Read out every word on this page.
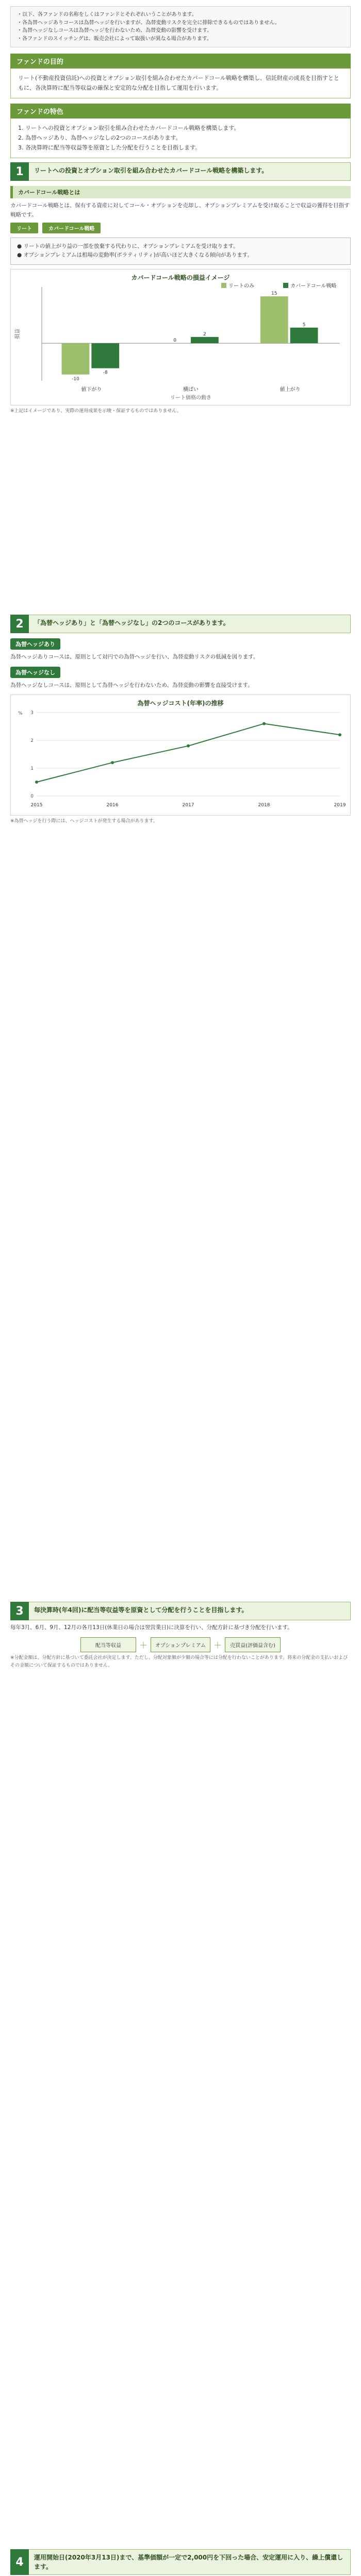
・以下、各ファンドの名称をしくはファンドとそれぞれいうことがあります。

・各為替ヘッジありコースは為替ヘッジを行いますが、為替変動リスクを完全に排除できるものではありません。

・為替ヘッジなしコースは為替ヘッジを行わないため、為替変動の影響を受けます。

・各ファンドのスイッチングは、販売会社によって取扱いが異なる場合があります。

ファンドの目的
リート(不動産投資信託)への投資とオプション取引を組み合わせたカバードコール戦略を構築し、信託財産の成長を目指すとともに、各決算時に配当等収益の確保と安定的な分配を目指して運用を行います。
ファンドの特色
1. リートへの投資とオプション取引を組み合わせたカバードコール戦略を構築します。
2. 為替ヘッジあり、為替ヘッジなしの2つのコースがあります。
3. 各決算時に配当等収益等を原資とした分配を行うことを目指します。
1	リートへの投資とオプション取引を組み合わせたカバードコール戦略を構築します。
カバードコール戦略とは
カバードコール戦略とは、保有する資産に対してコール・オプションを売却し、オプションプレミアムを受け取ることで収益の獲得を目指す戦略です。
リート	カバードコール戦略
● リートの値上がり益の一部を放棄する代わりに、オプションプレミアムを受け取ります。
● オプションプレミアムは相場の変動率(ボラティリティ)が高いほど大きくなる傾向があります。
カバードコール戦略の損益イメージ
-10
-8
値下がり
0
2
横ばい
15
5
値上がり
リート価格の動き
損益
リートのみ	カバードコール戦略
※上記はイメージであり、実際の運用成果を示唆・保証するものではありません。
2	「為替ヘッジあり」と「為替ヘッジなし」の2つのコースがあります。
為替ヘッジあり
為替ヘッジありコースは、原則として対円での為替ヘッジを行い、為替変動リスクの低減を図ります。
為替ヘッジなし
為替ヘッジなしコースは、原則として為替ヘッジを行わないため、為替変動の影響を直接受けます。
為替ヘッジコスト(年率)の推移
0
1
2
3
2015	2016	2017	2018	2019
%
※為替ヘッジを行う際には、ヘッジコストが発生する場合があります。
3	毎決算時(年4回)に配当等収益等を原資として分配を行うことを目指します。
毎年3月、6月、9月、12月の各月13日(休業日の場合は翌営業日)に決算を行い、分配方針に基づき分配を行います。
配当等収益	＋	オプションプレミアム ＋	売買益(評価益含む)
※分配金額は、分配方針に基づいて委託会社が決定します。ただし、分配対象額が少額の場合等には分配を行わないことがあります。将来の分配金の支払いおよびその金額について保証するものではありません。
4	運用開始日(2020年3月13日)まで、基準価額が一定で2,000円を下回った場合、安定運用に入り、繰上償還します。
